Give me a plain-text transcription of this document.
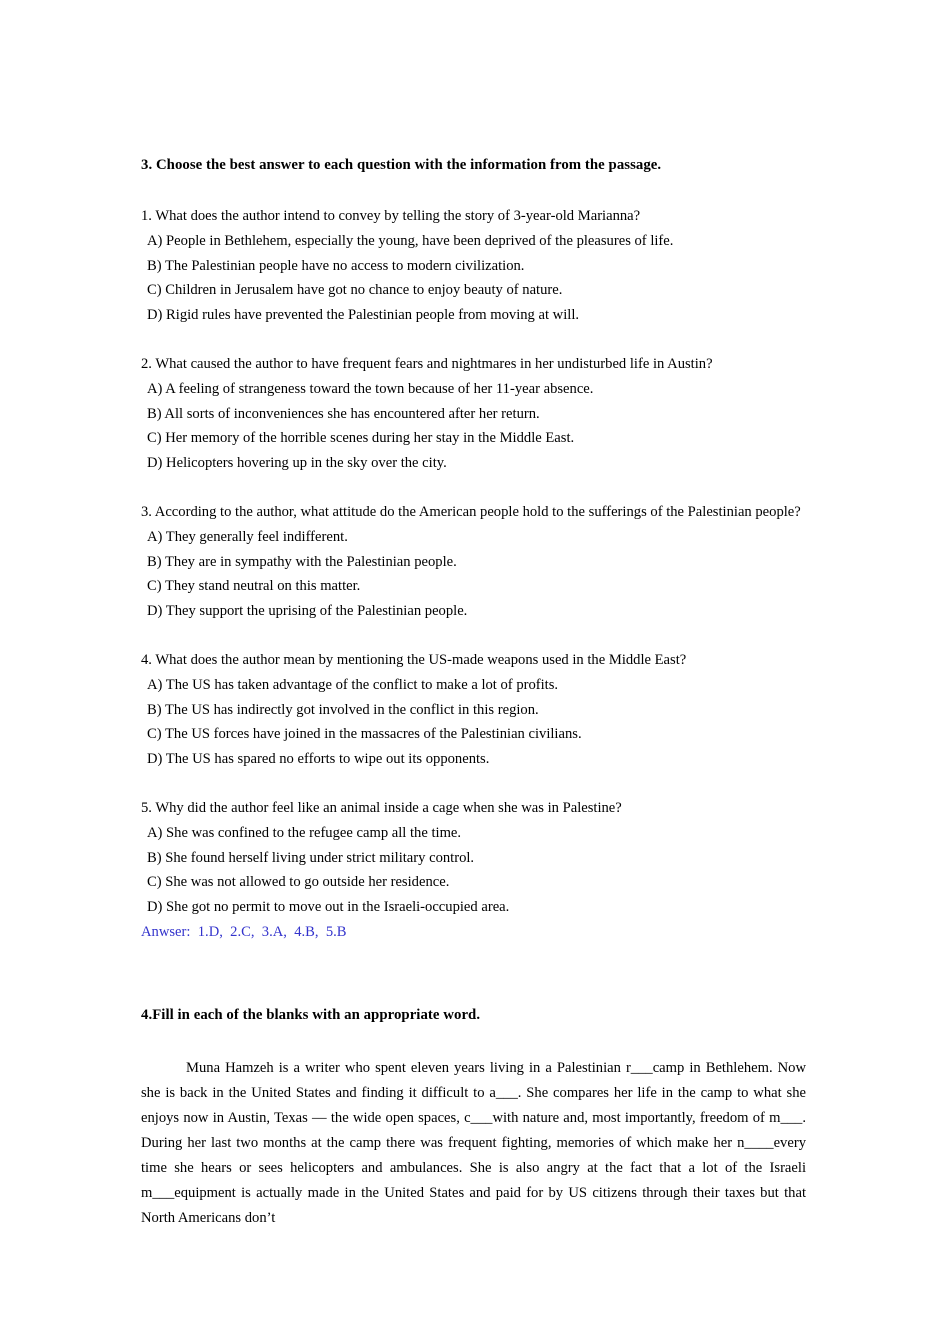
3. Choose the best answer to each question with the information from the passage.

1. What does the author intend to convey by telling the story of 3-year-old Marianna?

A) People in Bethlehem, especially the young, have been deprived of the pleasures of life.

B) The Palestinian people have no access to modern civilization.

C) Children in Jerusalem have got no chance to enjoy beauty of nature.

D) Rigid rules have prevented the Palestinian people from moving at will.

2. What caused the author to have frequent fears and nightmares in her undisturbed life in Austin?

A) A feeling of strangeness toward the town because of her 11-year absence.

B) All sorts of inconveniences she has encountered after her return.

C) Her memory of the horrible scenes during her stay in the Middle East.

D) Helicopters hovering up in the sky over the city.

3. According to the author, what attitude do the American people hold to the sufferings of the Palestinian people?

A) They generally feel indifferent.

B) They are in sympathy with the Palestinian people.

C) They stand neutral on this matter.

D) They support the uprising of the Palestinian people.

4. What does the author mean by mentioning the US-made weapons used in the Middle East?

A) The US has taken advantage of the conflict to make a lot of profits.

B) The US has indirectly got involved in the conflict in this region.

C) The US forces have joined in the massacres of the Palestinian civilians.

D) The US has spared no efforts to wipe out its opponents.

5. Why did the author feel like an animal inside a cage when she was in Palestine?

A) She was confined to the refugee camp all the time.

B) She found herself living under strict military control.

C) She was not allowed to go outside her residence.

D) She got no permit to move out in the Israeli-occupied area.

Anwser:  1.D,  2.C,  3.A,  4.B,  5.B

4.Fill in each of the blanks with an appropriate word.

Muna Hamzeh is a writer who spent eleven years living in a Palestinian r___camp in Bethlehem. Now she is back in the United States and finding it difficult to a___. She compares her life in the camp to what she enjoys now in Austin, Texas — the wide open spaces, c___with nature and, most importantly, freedom of m___. During her last two months at the camp there was frequent fighting, memories of which make her n____every time she hears or sees helicopters and ambulances. She is also angry at the fact that a lot of the Israeli m___equipment is actually made in the United States and paid for by US citizens through their taxes but that North Americans don’t
